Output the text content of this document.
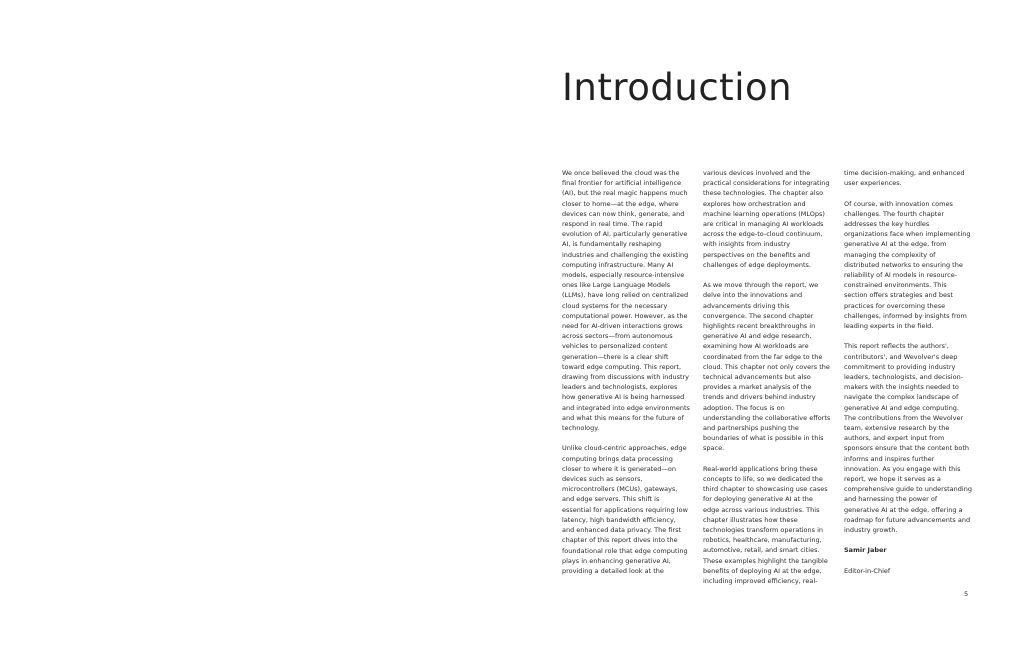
Introduction

We once believed the cloud was the final frontier for artificial intelligence (AI), but the real magic happens much closer to home—at the edge, where devices can now think, generate, and respond in real time. The rapid evolution of AI, particularly generative AI, is fundamentally reshaping industries and challenging the existing computing infrastructure. Many AI models, especially resource-intensive ones like Large Language Models (LLMs), have long relied on centralized cloud systems for the necessary computational power. However, as the need for AI-driven interactions grows across sectors—from autonomous vehicles to personalized content generation—there is a clear shift toward edge computing. This report, drawing from discussions with industry leaders and technologists, explores how generative AI is being harnessed and integrated into edge environments and what this means for the future of technology.

Unlike cloud-centric approaches, edge computing brings data processing closer to where it is generated—on devices such as sensors, microcontrollers (MCUs), gateways, and edge servers. This shift is essential for applications requiring low latency, high bandwidth efficiency, and enhanced data privacy. The first chapter of this report dives into the foundational role that edge computing plays in enhancing generative AI, providing a detailed look at the

various devices involved and the practical considerations for integrating these technologies. The chapter also explores how orchestration and machine learning operations (MLOps) are critical in managing AI workloads across the edge-to-cloud continuum, with insights from industry perspectives on the benefits and challenges of edge deployments.

As we move through the report, we delve into the innovations and advancements driving this convergence. The second chapter highlights recent breakthroughs in generative AI and edge research, examining how AI workloads are coordinated from the far edge to the cloud. This chapter not only covers the technical advancements but also provides a market analysis of the trends and drivers behind industry adoption. The focus is on understanding the collaborative efforts and partnerships pushing the boundaries of what is possible in this space.

Real-world applications bring these concepts to life, so we dedicated the third chapter to showcasing use cases for deploying generative AI at the edge across various industries. This chapter illustrates how these technologies transform operations in robotics, healthcare, manufacturing, automotive, retail, and smart cities. These examples highlight the tangible benefits of deploying AI at the edge, including improved efficiency, real-

time decision-making, and enhanced user experiences.

Of course, with innovation comes challenges. The fourth chapter addresses the key hurdles organizations face when implementing generative AI at the edge, from managing the complexity of distributed networks to ensuring the reliability of AI models in resource-constrained environments. This section offers strategies and best practices for overcoming these challenges, informed by insights from leading experts in the field.

This report reflects the authors', contributors', and Wevolver's deep commitment to providing industry leaders, technologists, and decision-makers with the insights needed to navigate the complex landscape of generative AI and edge computing. The contributions from the Wevolver team, extensive research by the authors, and expert input from sponsors ensure that the content both informs and inspires further innovation. As you engage with this report, we hope it serves as a comprehensive guide to understanding and harnessing the power of generative AI at the edge, offering a roadmap for future advancements and industry growth.

Samir Jaber

Editor-in-Chief

5
